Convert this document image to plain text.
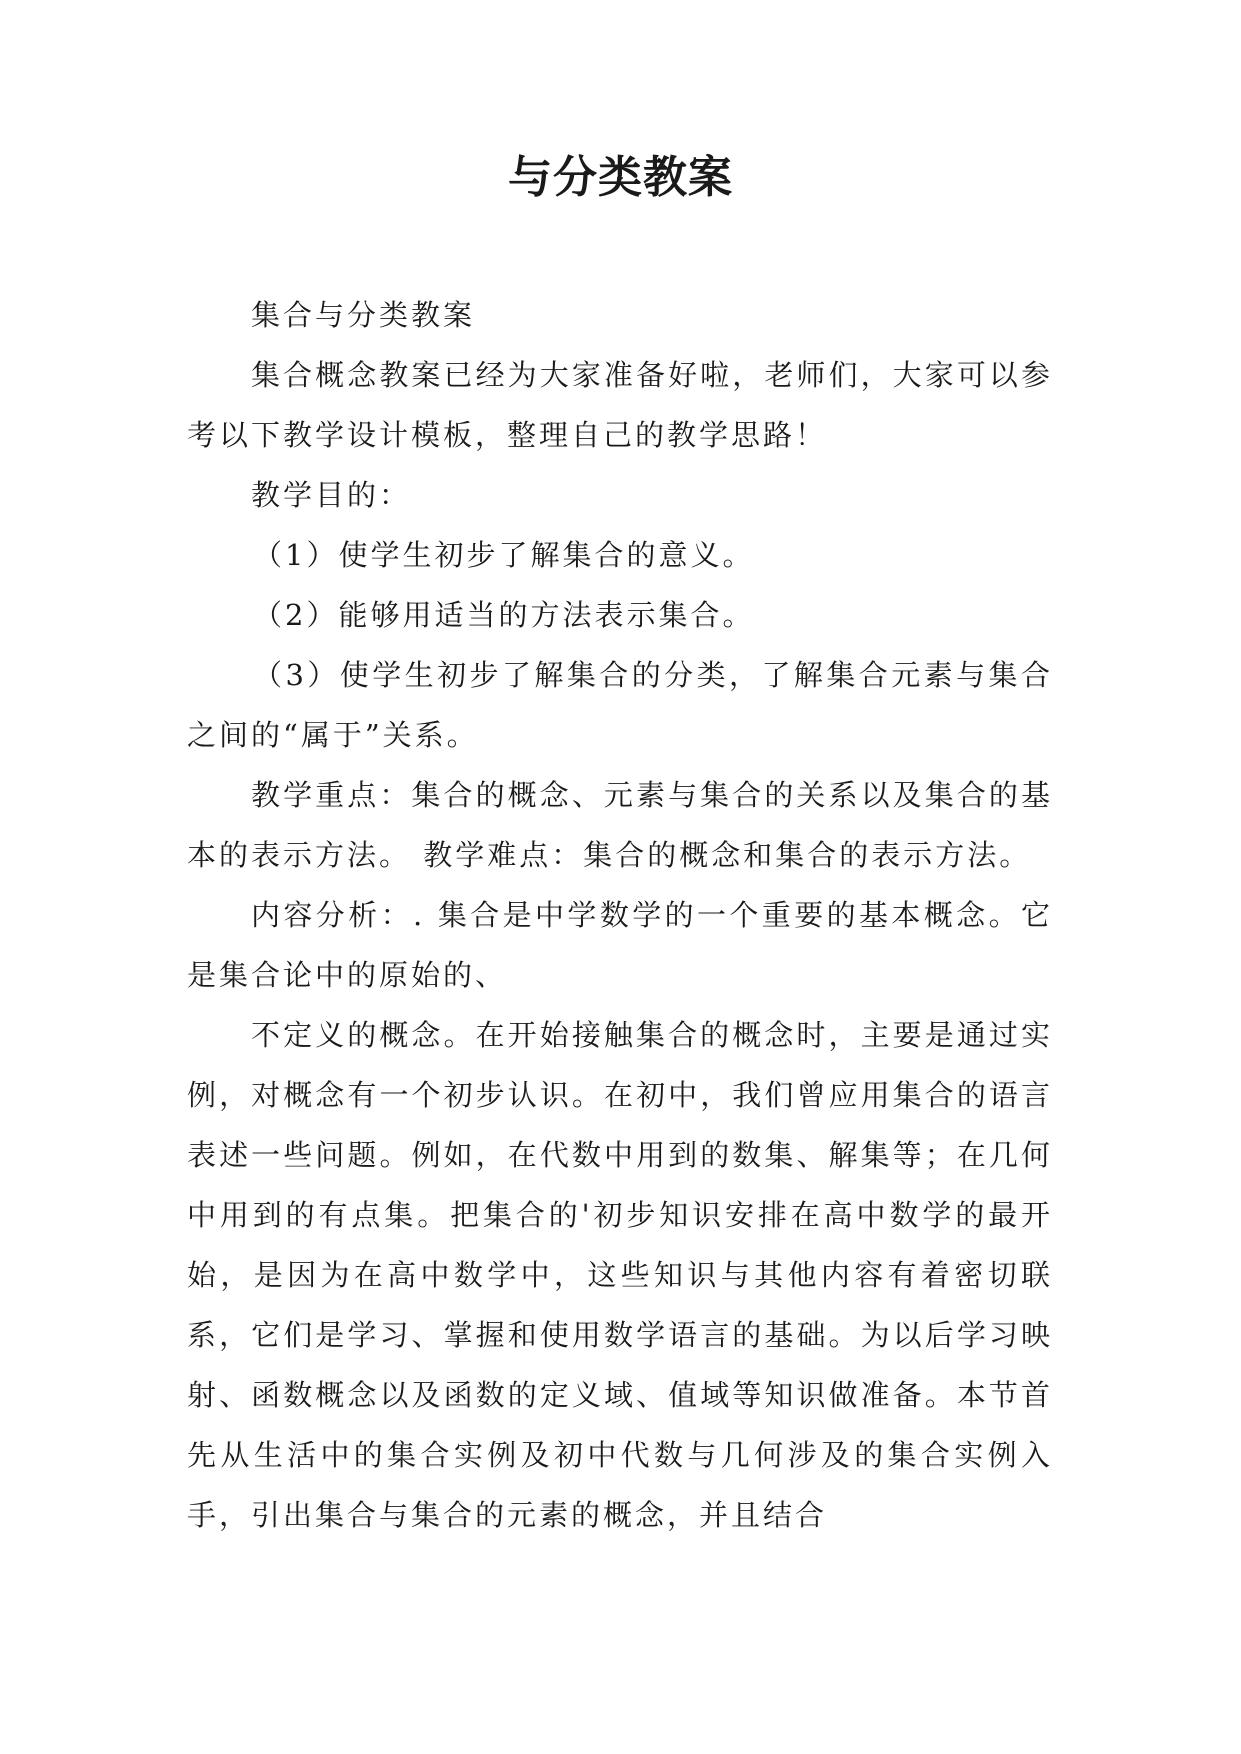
与分类教案

集合与分类教案

集合概念教案已经为大家准备好啦，老师们，大家可以参考以下教学设计模板，整理自己的教学思路！

教学目的：

（1）使学生初步了解集合的意义。

（2）能够用适当的方法表示集合。

（3）使学生初步了解集合的分类，了解集合元素与集合之间的“属于”关系。

教学重点：集合的概念、元素与集合的关系以及集合的基本的表示方法。 教学难点：集合的概念和集合的表示方法。

内容分析：. 集合是中学数学的一个重要的基本概念。它是集合论中的原始的、

不定义的概念。在开始接触集合的概念时，主要是通过实例，对概念有一个初步认识。在初中，我们曾应用集合的语言表述一些问题。例如，在代数中用到的数集、解集等；在几何中用到的有点集。把集合的'初步知识安排在高中数学的最开始，是因为在高中数学中，这些知识与其他内容有着密切联系，它们是学习、掌握和使用数学语言的基础。为以后学习映射、函数概念以及函数的定义域、值域等知识做准备。本节首先从生活中的集合实例及初中代数与几何涉及的集合实例入手，引出集合与集合的元素的概念，并且结合
